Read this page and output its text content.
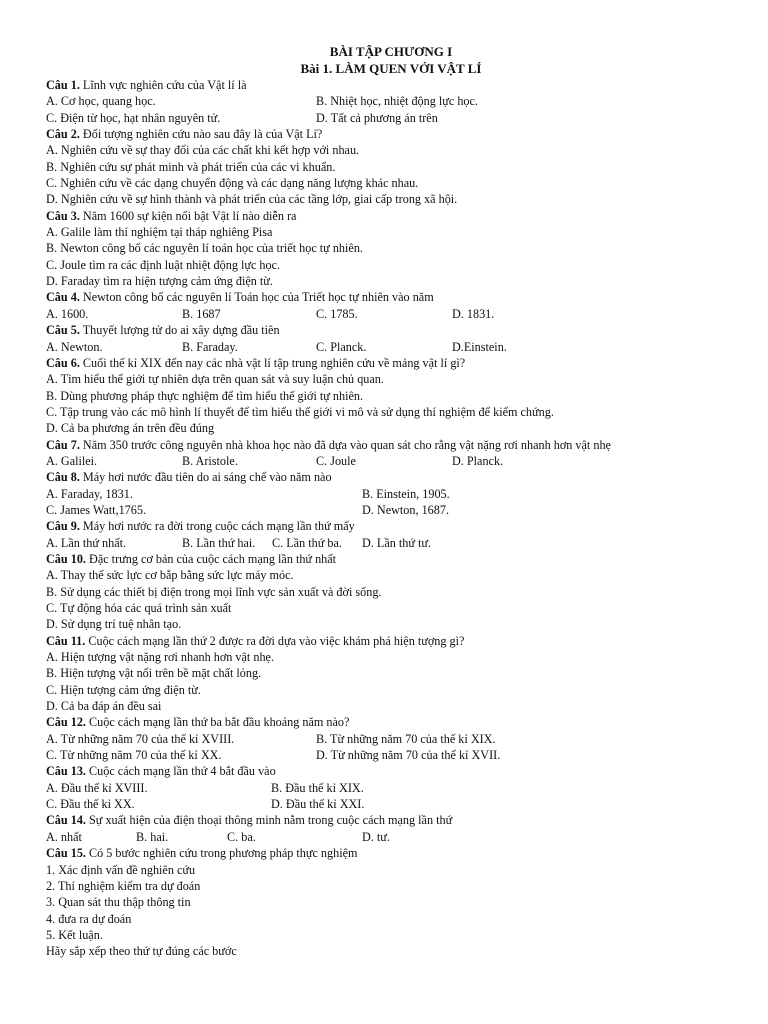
BÀI TẬP CHƯƠNG I
Bài 1. LÀM QUEN VỚI VẬT LÍ
Câu 1. Lĩnh vực nghiên cứu của Vật lí là
A. Cơ học, quang học.	B. Nhiệt học, nhiệt động lực học.
C. Điện từ học, hạt nhân nguyên tử.	D. Tất cả phương án trên
Câu 2. Đối tượng nghiên cứu nào sau đây là của Vật Lí?
A. Nghiên cứu về sự thay đổi của các chất khi kết hợp với nhau.
B. Nghiên cứu sự phát minh và phát triển của các vi khuẩn.
C. Nghiên cứu về các dạng chuyển động và các dạng năng lượng khác nhau.
D. Nghiên cứu về sự hình thành và phát triển của các tầng lớp, giai cấp trong xã hội.
Câu 3. Năm 1600 sự kiện nổi bật Vật lí nào diễn ra
A. Galile làm thí nghiệm tại tháp nghiêng Pisa
B. Newton công bố các nguyên lí toán học của triết học tự nhiên.
C. Joule tìm ra các định luật nhiệt động lực học.
D. Faraday tìm ra hiện tượng cảm ứng điện từ.
Câu 4. Newton công bố các nguyên lí Toán học của Triết học tự nhiên vào năm
A. 1600.	B. 1687	C. 1785.	D. 1831.
Câu 5. Thuyết lượng tử do ai xây dựng đầu tiên
A. Newton.	B. Faraday.	C. Planck.	D.Einstein.
Câu 6. Cuối thế kỉ XIX đến nay các nhà vật lí tập trung nghiên cứu về mảng vật lí gì?
A. Tìm hiểu thế giới tự nhiên dựa trên quan sát và suy luận chủ quan.
B. Dùng phương pháp thực nghiệm để tìm hiểu thế giới tự nhiên.
C. Tập trung vào các mô hình lí thuyết để tìm hiểu thế giới vi mô và sử dụng thí nghiệm để kiểm chứng.
D. Cả ba phương án trên đều đúng
Câu 7. Năm 350 trước công nguyên nhà khoa học nào đã dựa vào quan sát cho rằng vật nặng rơi nhanh hơn vật nhẹ
A. Galilei.	B. Aristole.	C. Joule	D. Planck.
Câu 8. Máy hơi nước đầu tiên do ai sáng chế vào năm nào
A. Faraday, 1831.	B. Einstein, 1905.
C. James Watt,1765.	D. Newton, 1687.
Câu 9. Máy hơi nước ra đời trong cuộc cách mạng lần thứ mấy
A. Lần thứ nhất.	B. Lần thứ hai. C. Lần thứ ba. D. Lần thứ tư.
Câu 10. Đặc trưng cơ bản của cuộc cách mạng lần thứ nhất
A. Thay thế sức lực cơ bắp bằng sức lực máy móc.
B. Sử dụng các thiết bị điện trong mọi lĩnh vực sản xuất và đời sống.
C. Tự động hóa các quá trình sản xuất
D. Sử dụng trí tuệ nhân tạo.
Câu 11. Cuộc cách mạng lần thứ 2 được ra đời dựa vào việc khám phá hiện tượng gì?
A. Hiện tượng vật nặng rơi nhanh hơn vật nhẹ.
B. Hiện tượng vật nổi trên bề mặt chất lỏng.
C. Hiện tượng cảm ứng điện từ.
D. Cả ba đáp án đều sai
Câu 12. Cuộc cách mạng lần thứ ba bắt đầu khoảng năm nào?
A. Từ những năm 70 của thế kỉ XVIII.	B. Từ những năm 70 của thế kỉ XIX.
C. Từ những năm 70 của thế kỉ XX.	D. Từ những năm 70 của thế kỉ XVII.
Câu 13. Cuộc cách mạng lần thứ 4 bắt đầu vào
A. Đầu thế kỉ XVIII.	B. Đầu thế kỉ XIX.
C. Đầu thế kỉ XX.	D. Đầu thế kỉ XXI.
Câu 14. Sự xuất hiện của điện thoại thông minh nằm trong cuộc cách mạng lần thứ
A. nhất	B. hai.	C. ba.	D. tư.
Câu 15. Có 5 bước nghiên cứu trong phương pháp thực nghiệm
1. Xác định vấn đề nghiên cứu
2. Thí nghiệm kiểm tra dự đoán
3. Quan sát thu thập thông tin
4. đưa ra dự đoán
5. Kết luận.
Hãy sắp xếp theo thứ tự đúng các bước
